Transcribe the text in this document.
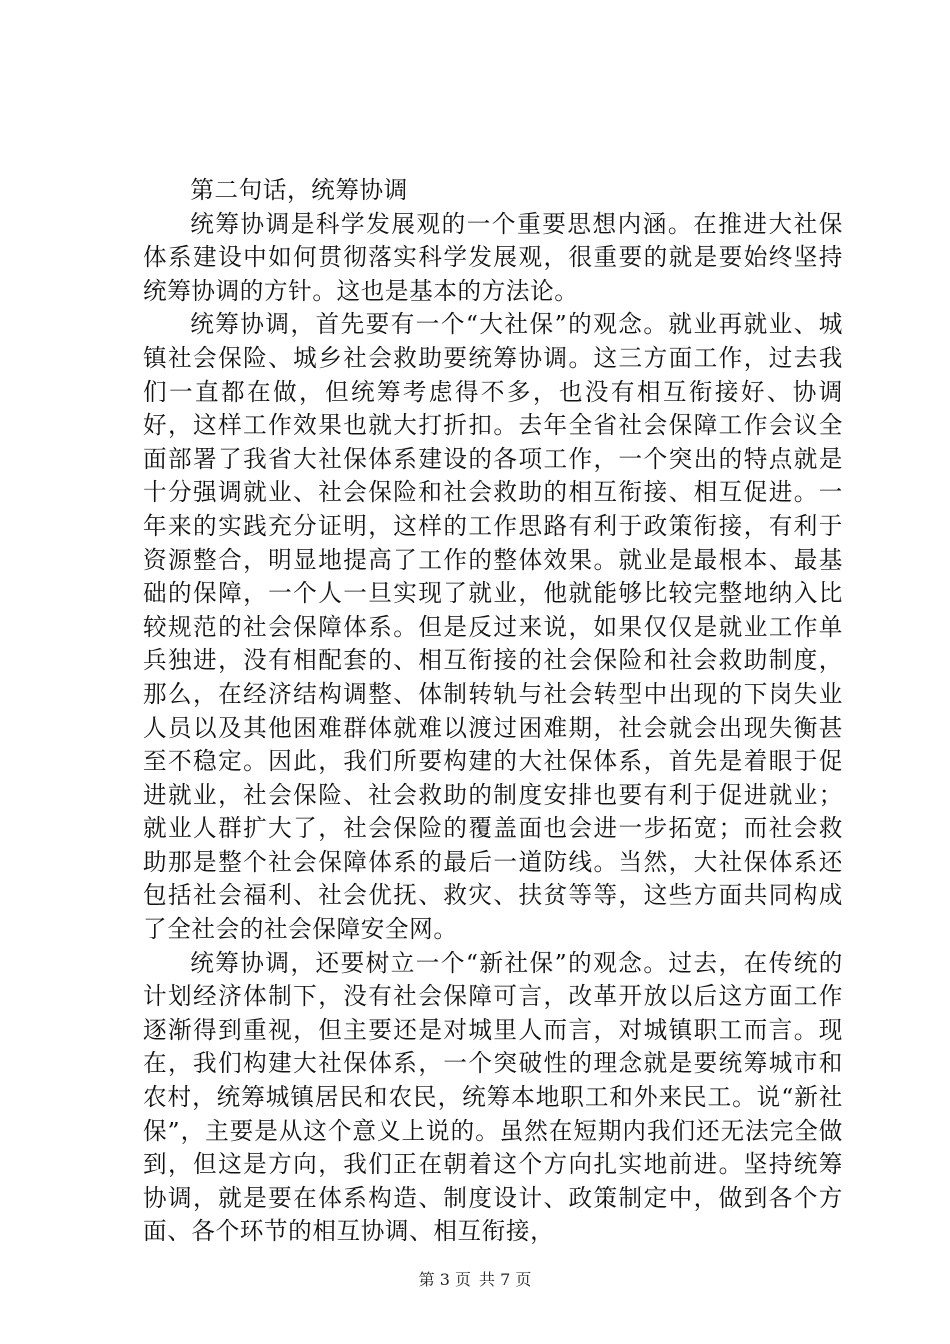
第二句话，统筹协调

统筹协调是科学发展观的一个重要思想内涵。在推进大社保体系建设中如何贯彻落实科学发展观，很重要的就是要始终坚持统筹协调的方针。这也是基本的方法论。

统筹协调，首先要有一个“大社保”的观念。就业再就业、城镇社会保险、城乡社会救助要统筹协调。这三方面工作，过去我们一直都在做，但统筹考虑得不多，也没有相互衔接好、协调好，这样工作效果也就大打折扣。去年全省社会保障工作会议全面部署了我省大社保体系建设的各项工作，一个突出的特点就是十分强调就业、社会保险和社会救助的相互衔接、相互促进。一年来的实践充分证明，这样的工作思路有利于政策衔接，有利于资源整合，明显地提高了工作的整体效果。就业是最根本、最基础的保障，一个人一旦实现了就业，他就能够比较完整地纳入比较规范的社会保障体系。但是反过来说，如果仅仅是就业工作单兵独进，没有相配套的、相互衔接的社会保险和社会救助制度，那么，在经济结构调整、体制转轨与社会转型中出现的下岗失业人员以及其他困难群体就难以渡过困难期，社会就会出现失衡甚至不稳定。因此，我们所要构建的大社保体系，首先是着眼于促进就业，社会保险、社会救助的制度安排也要有利于促进就业；就业人群扩大了，社会保险的覆盖面也会进一步拓宽；而社会救助那是整个社会保障体系的最后一道防线。当然，大社保体系还包括社会福利、社会优抚、救灾、扶贫等等，这些方面共同构成了全社会的社会保障安全网。

统筹协调，还要树立一个“新社保”的观念。过去，在传统的计划经济体制下，没有社会保障可言，改革开放以后这方面工作逐渐得到重视，但主要还是对城里人而言，对城镇职工而言。现在，我们构建大社保体系，一个突破性的理念就是要统筹城市和农村，统筹城镇居民和农民，统筹本地职工和外来民工。说“新社保”，主要是从这个意义上说的。虽然在短期内我们还无法完全做到，但这是方向，我们正在朝着这个方向扎实地前进。坚持统筹协调，就是要在体系构造、制度设计、政策制定中，做到各个方面、各个环节的相互协调、相互衔接，

第 3 页 共 7 页
